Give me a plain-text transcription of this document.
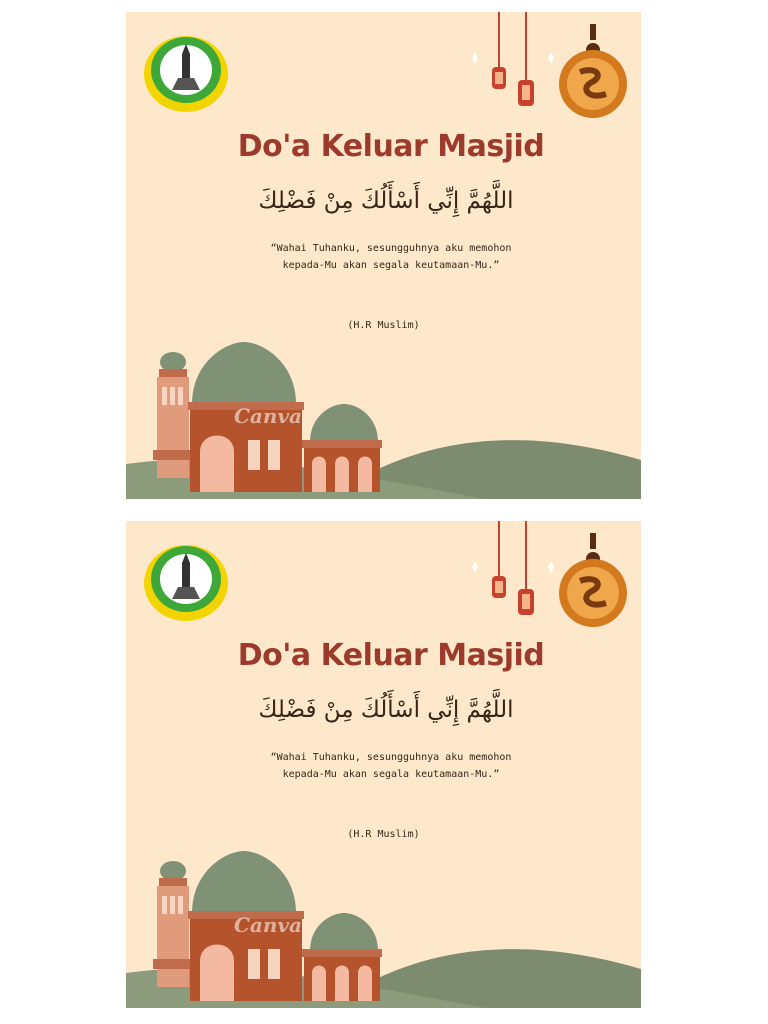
Do'a Keluar Masjid
اللَّهُمَّ إِنِّي أَسْأَلُكَ مِنْ فَضْلِكَ
“Wahai Tuhanku, sesungguhnya aku memohon kepada-Mu akan segala keutamaan-Mu.”
(H.R Muslim)
Canva
Do'a Keluar Masjid
اللَّهُمَّ إِنِّي أَسْأَلُكَ مِنْ فَضْلِكَ
“Wahai Tuhanku, sesungguhnya aku memohon kepada-Mu akan segala keutamaan-Mu.”
(H.R Muslim)
Canva
